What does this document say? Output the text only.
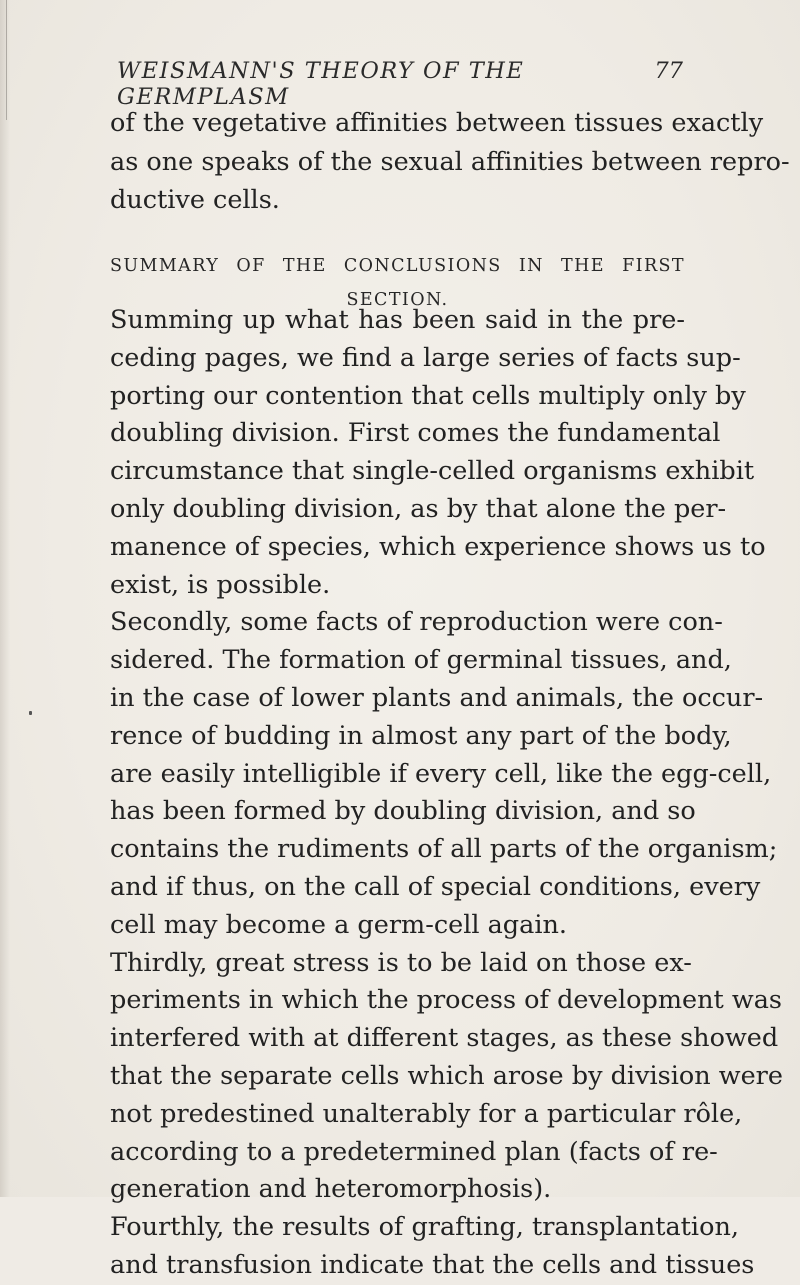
WEISMANN'S THEORY OF THE GERMPLASM
77
of the vegetative affinities between tissues exactly
as one speaks of the sexual affinities between repro-
ductive cells.
SUMMARY OF THE CONCLUSIONS IN THE FIRST
SECTION.
Summing up what has been said in the pre-
ceding pages, we find a large series of facts sup-
porting our contention that cells multiply only by
doubling division. First comes the fundamental
circumstance that single-celled organisms exhibit
only doubling division, as by that alone the per-
manence of species, which experience shows us to
exist, is possible.
Secondly, some facts of reproduction were con-
sidered. The formation of germinal tissues, and,
in the case of lower plants and animals, the occur-
rence of budding in almost any part of the body,
are easily intelligible if every cell, like the egg-cell,
has been formed by doubling division, and so
contains the rudiments of all parts of the organism;
and if thus, on the call of special conditions, every
cell may become a germ-cell again.
Thirdly, great stress is to be laid on those ex-
periments in which the process of development was
interfered with at different stages, as these showed
that the separate cells which arose by division were
not predestined unalterably for a particular rôle,
according to a predetermined plan (facts of re-
generation and heteromorphosis).
Fourthly, the results of grafting, transplantation,
and transfusion indicate that the cells and tissues
